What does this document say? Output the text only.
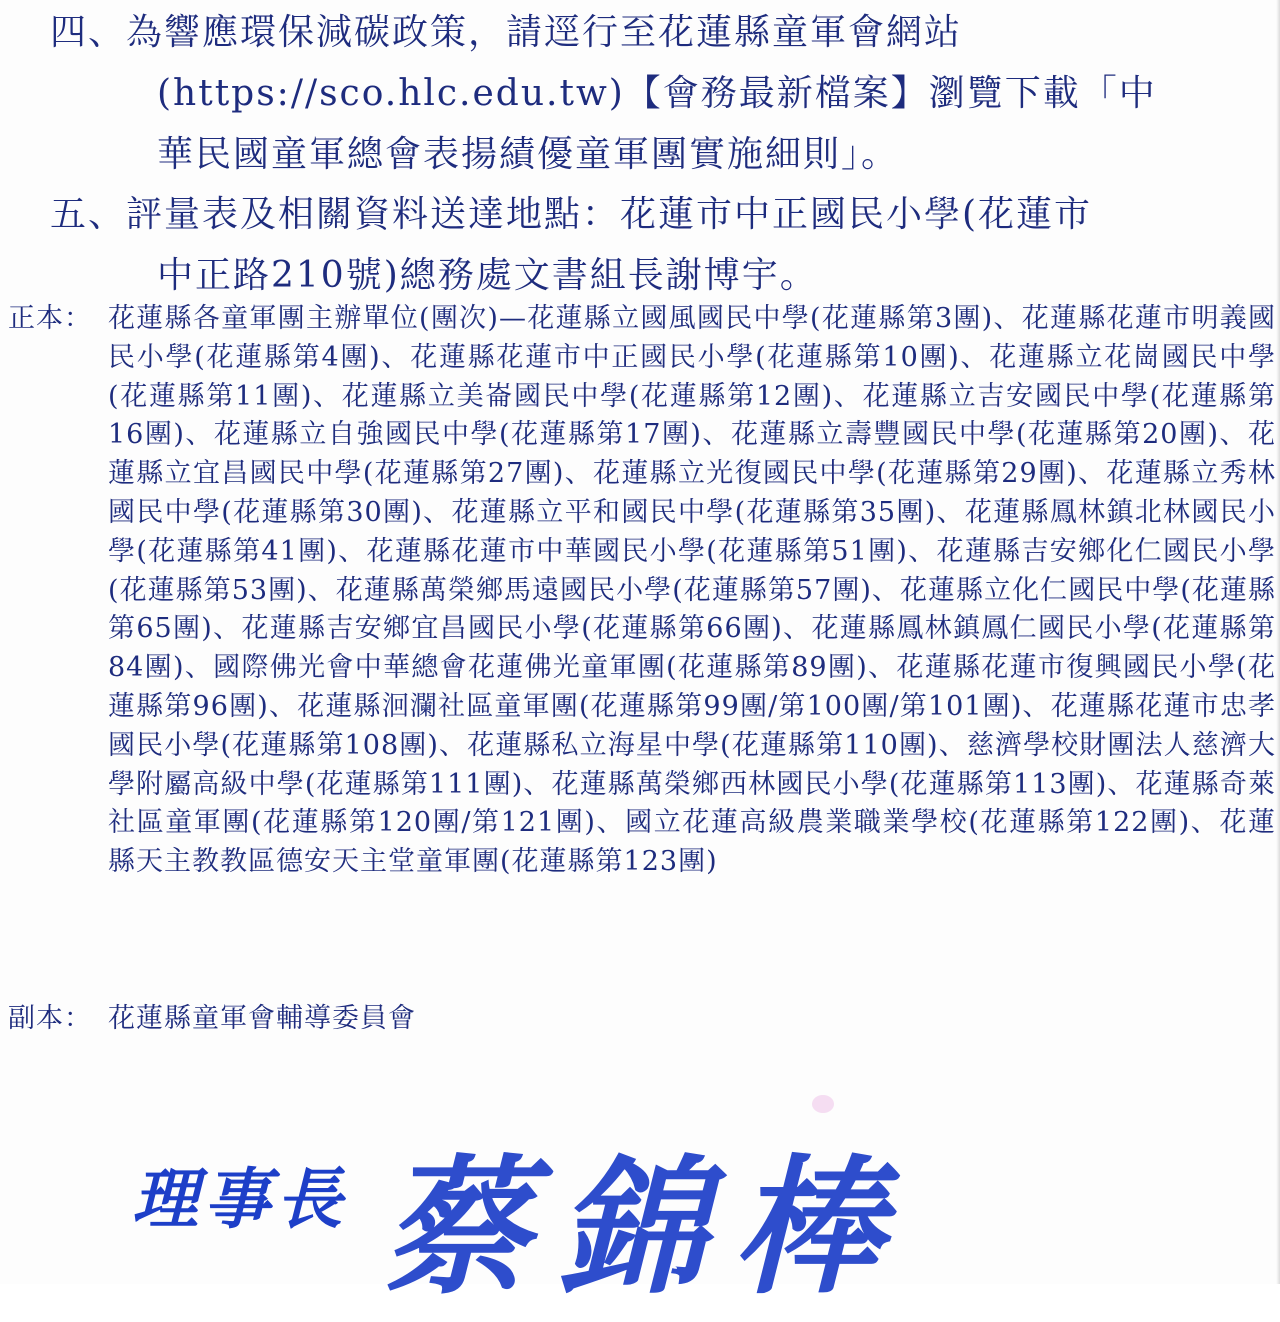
四、為響應環保減碳政策，請逕行至花蓮縣童軍會網站
(https://sco.hlc.edu.tw)【會務最新檔案】瀏覽下載「中
華民國童軍總會表揚績優童軍團實施細則」。
五、評量表及相關資料送達地點：花蓮市中正國民小學(花蓮市
中正路210號)總務處文書組長謝博宇。
正本： 花蓮縣各童軍團主辦單位(團次)—花蓮縣立國風國民中學(花蓮縣第3團)、花蓮縣花蓮市明義國民小學(花蓮縣第4團)、花蓮縣花蓮市中正國民小學(花蓮縣第10團)、花蓮縣立花崗國民中學(花蓮縣第11團)、花蓮縣立美崙國民中學(花蓮縣第12團)、花蓮縣立吉安國民中學(花蓮縣第16團)、花蓮縣立自強國民中學(花蓮縣第17團)、花蓮縣立壽豐國民中學(花蓮縣第20團)、花蓮縣立宜昌國民中學(花蓮縣第27團)、花蓮縣立光復國民中學(花蓮縣第29團)、花蓮縣立秀林國民中學(花蓮縣第30團)、花蓮縣立平和國民中學(花蓮縣第35團)、花蓮縣鳳林鎮北林國民小學(花蓮縣第41團)、花蓮縣花蓮市中華國民小學(花蓮縣第51團)、花蓮縣吉安鄉化仁國民小學(花蓮縣第53團)、花蓮縣萬榮鄉馬遠國民小學(花蓮縣第57團)、花蓮縣立化仁國民中學(花蓮縣第65團)、花蓮縣吉安鄉宜昌國民小學(花蓮縣第66團)、花蓮縣鳳林鎮鳳仁國民小學(花蓮縣第84團)、國際佛光會中華總會花蓮佛光童軍團(花蓮縣第89團)、花蓮縣花蓮市復興國民小學(花蓮縣第96團)、花蓮縣洄瀾社區童軍團(花蓮縣第99團/第100團/第101團)、花蓮縣花蓮市忠孝國民小學(花蓮縣第108團)、花蓮縣私立海星中學(花蓮縣第110團)、慈濟學校財團法人慈濟大學附屬高級中學(花蓮縣第111團)、花蓮縣萬榮鄉西林國民小學(花蓮縣第113團)、花蓮縣奇萊社區童軍團(花蓮縣第120團/第121團)、國立花蓮高級農業職業學校(花蓮縣第122團)、花蓮縣天主教教區德安天主堂童軍團(花蓮縣第123團)
副本： 花蓮縣童軍會輔導委員會
理事長 蔡錦棒
